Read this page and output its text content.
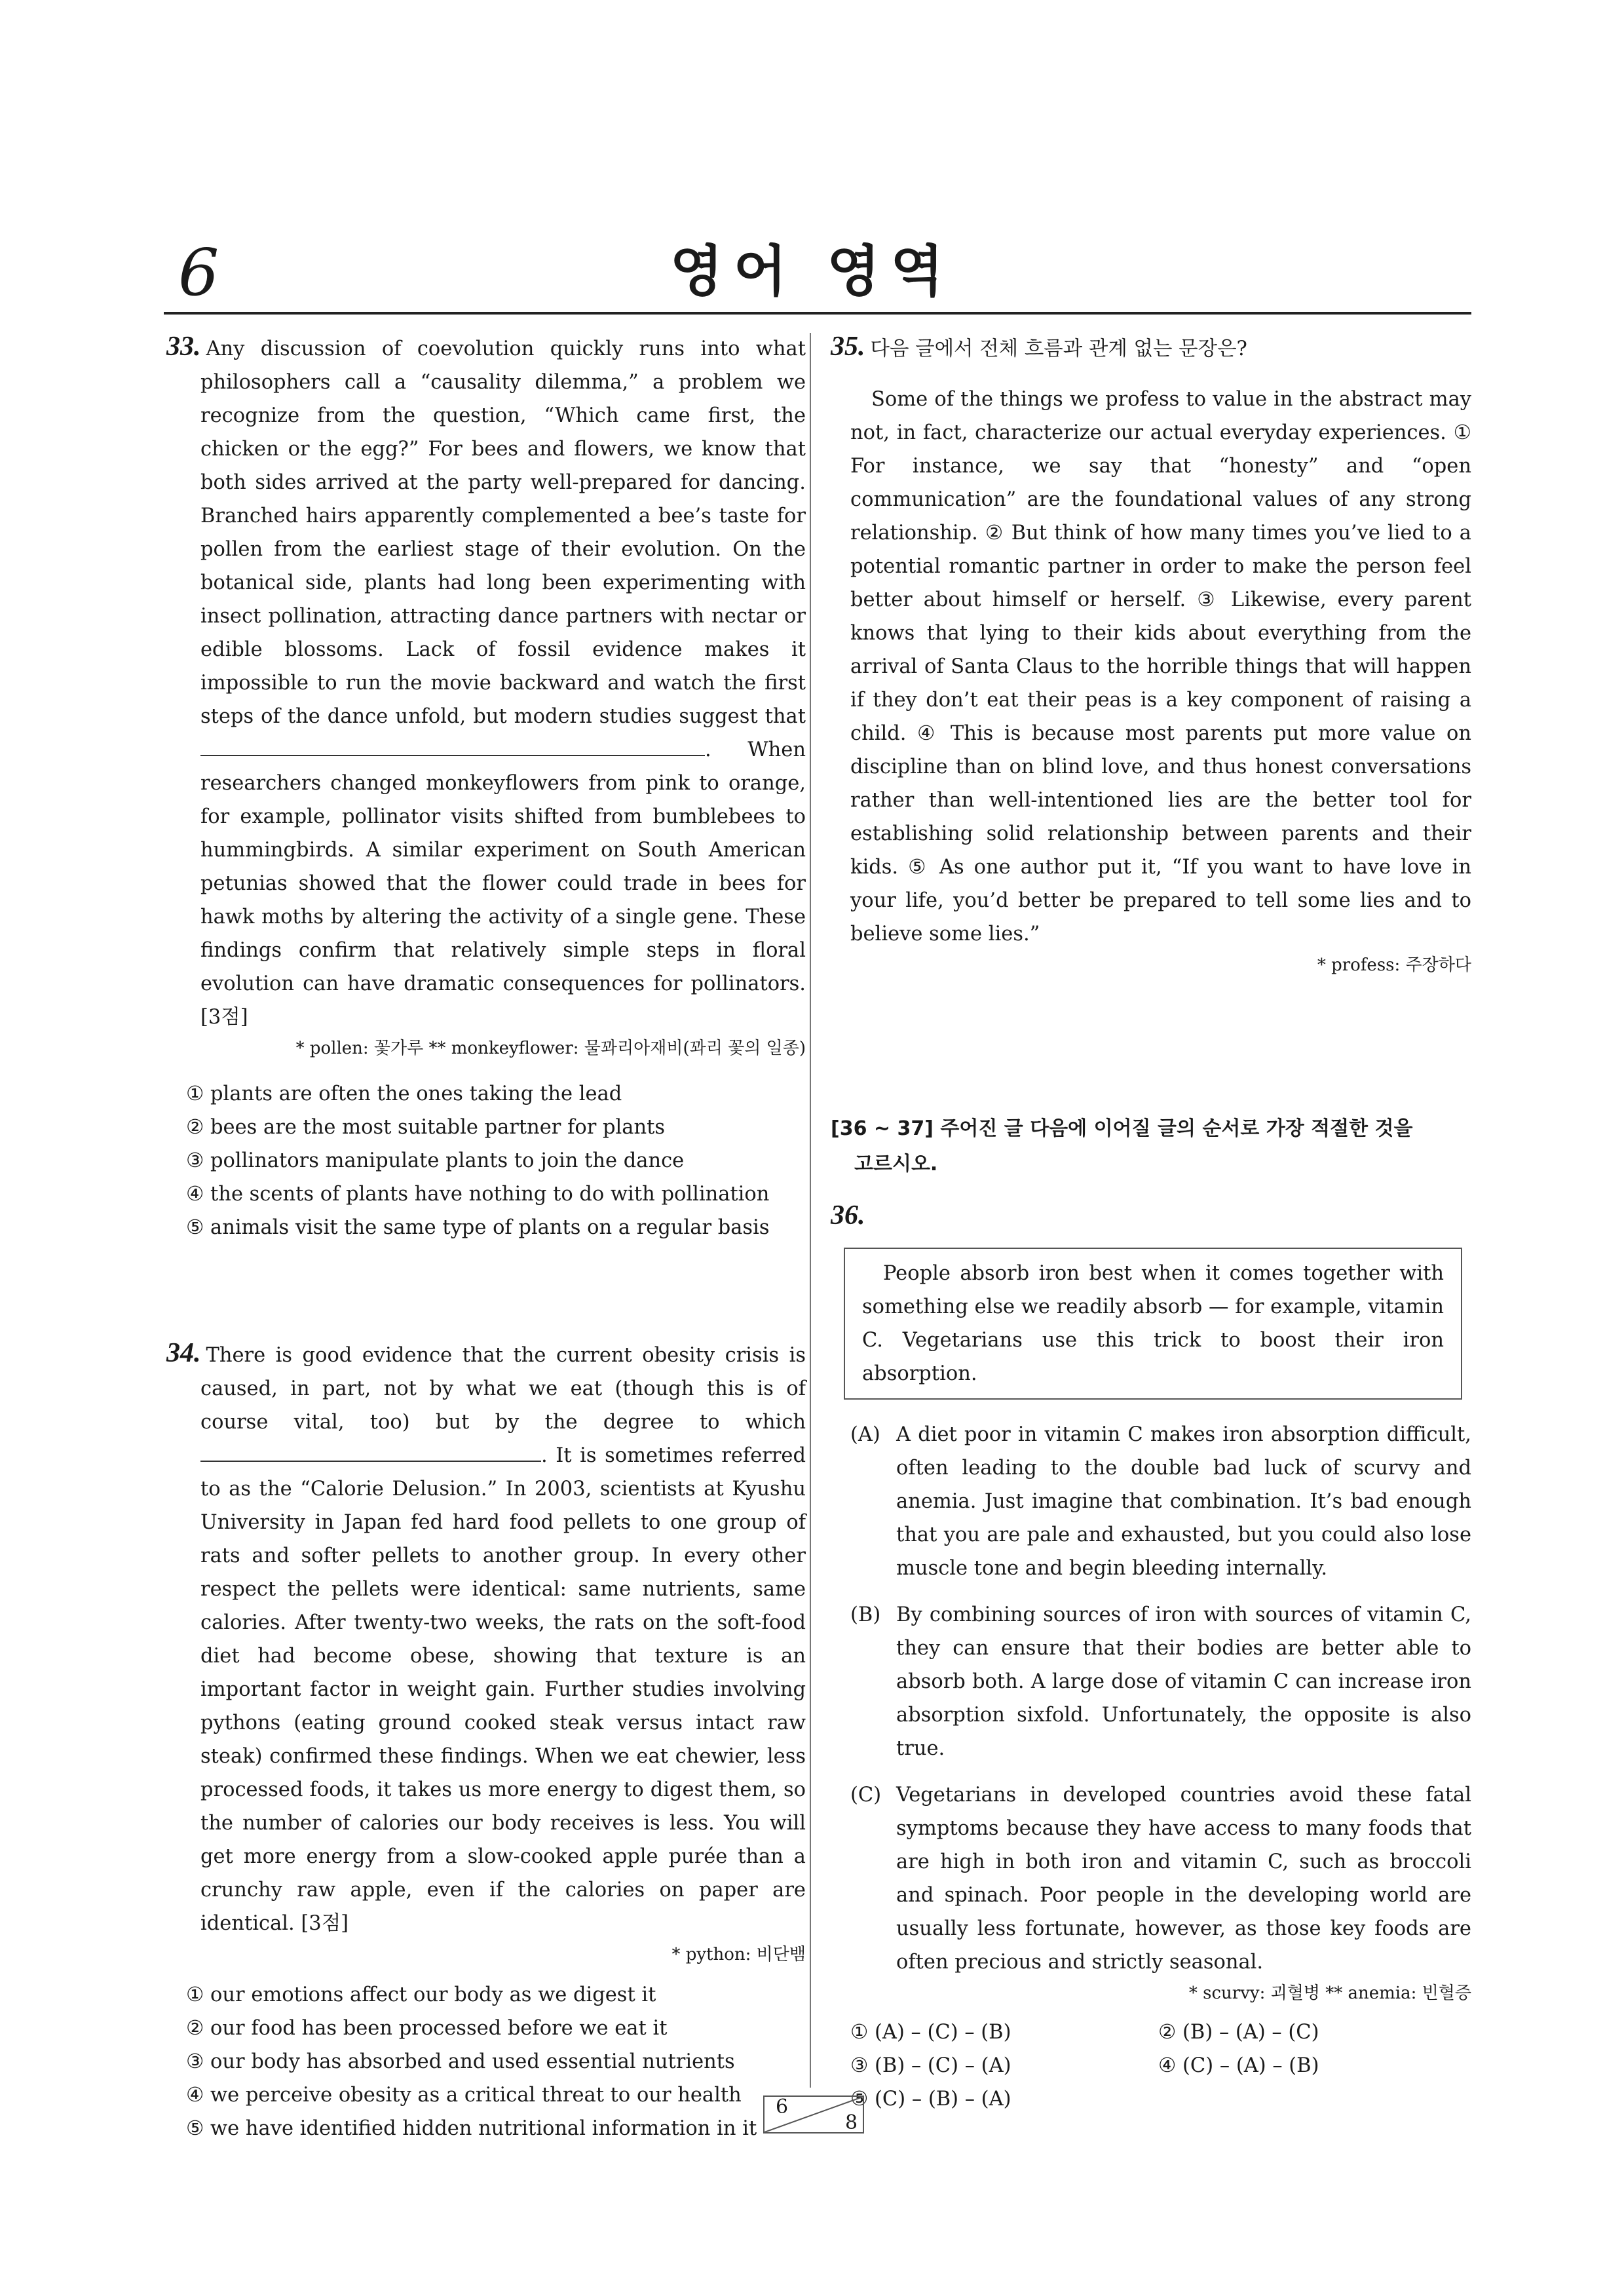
6	영어 영역
33. Any discussion of coevolution quickly runs into what philosophers call a “causality dilemma,” a problem we recognize from the question, “Which came first, the chicken or the egg?” For bees and flowers, we know that both sides arrived at the party well-prepared for dancing. Branched hairs apparently complemented a bee’s taste for pollen from the earliest stage of their evolution. On the botanical side, plants had long been experimenting with insect pollination, attracting dance partners with nectar or edible blossoms. Lack of fossil evidence makes it impossible to run the movie backward and watch the first steps of the dance unfold, but modern studies suggest that . When researchers changed monkeyflowers from pink to orange, for example, pollinator visits shifted from bumblebees to hummingbirds. A similar experiment on South American petunias showed that the flower could trade in bees for hawk moths by altering the activity of a single gene. These findings confirm that relatively simple steps in floral evolution can have dramatic consequences for pollinators. [3점]
* pollen: 꽃가루 ** monkeyflower: 물꽈리아재비(꽈리 꽃의 일종)
① plants are often the ones taking the lead
② bees are the most suitable partner for plants
③ pollinators manipulate plants to join the dance
④ the scents of plants have nothing to do with pollination
⑤ animals visit the same type of plants on a regular basis
34. There is good evidence that the current obesity crisis is caused, in part, not by what we eat (though this is of course vital, too) but by the degree to which . It is sometimes referred to as the “Calorie Delusion.” In 2003, scientists at Kyushu University in Japan fed hard food pellets to one group of rats and softer pellets to another group. In every other respect the pellets were identical: same nutrients, same calories. After twenty-two weeks, the rats on the soft-food diet had become obese, showing that texture is an important factor in weight gain. Further studies involving pythons (eating ground cooked steak versus intact raw steak) confirmed these findings. When we eat chewier, less processed foods, it takes us more energy to digest them, so the number of calories our body receives is less. You will get more energy from a slow-cooked apple purée than a crunchy raw apple, even if the calories on paper are identical. [3점]
* python: 비단뱀
① our emotions affect our body as we digest it
② our food has been processed before we eat it
③ our body has absorbed and used essential nutrients
④ we perceive obesity as a critical threat to our health
⑤ we have identified hidden nutritional information in it
35. 다음 글에서 전체 흐름과 관계 없는 문장은?
Some of the things we profess to value in the abstract may not, in fact, characterize our actual everyday experiences. ① For instance, we say that “honesty” and “open communication” are the foundational values of any strong relationship. ② But think of how many times you’ve lied to a potential romantic partner in order to make the person feel better about himself or herself. ③ Likewise, every parent knows that lying to their kids about everything from the arrival of Santa Claus to the horrible things that will happen if they don’t eat their peas is a key component of raising a child. ④ This is because most parents put more value on discipline than on blind love, and thus honest conversations rather than well-intentioned lies are the better tool for establishing solid relationship between parents and their kids. ⑤ As one author put it, “If you want to have love in your life, you’d better be prepared to tell some lies and to believe some lies.”
* profess: 주장하다
[36 ~ 37] 주어진 글 다음에 이어질 글의 순서로 가장 적절한 것을
고르시오.
36.
People absorb iron best when it comes together with something else we readily absorb — for example, vitamin C. Vegetarians use this trick to boost their iron absorption.
(A) A diet poor in vitamin C makes iron absorption difficult, often leading to the double bad luck of scurvy and anemia. Just imagine that combination. It’s bad enough that you are pale and exhausted, but you could also lose muscle tone and begin bleeding internally.
(B) By combining sources of iron with sources of vitamin C, they can ensure that their bodies are better able to absorb both. A large dose of vitamin C can increase iron absorption sixfold. Unfortunately, the opposite is also true.
(C) Vegetarians in developed countries avoid these fatal symptoms because they have access to many foods that are high in both iron and vitamin C, such as broccoli and spinach. Poor people in the developing world are usually less fortunate, however, as those key foods are often precious and strictly seasonal.
* scurvy: 괴혈병 ** anemia: 빈혈증
① (A) – (C) – (B)	② (B) – (A) – (C)
③ (B) – (C) – (A)	④ (C) – (A) – (B)
⑤ (C) – (B) – (A)
6
8
